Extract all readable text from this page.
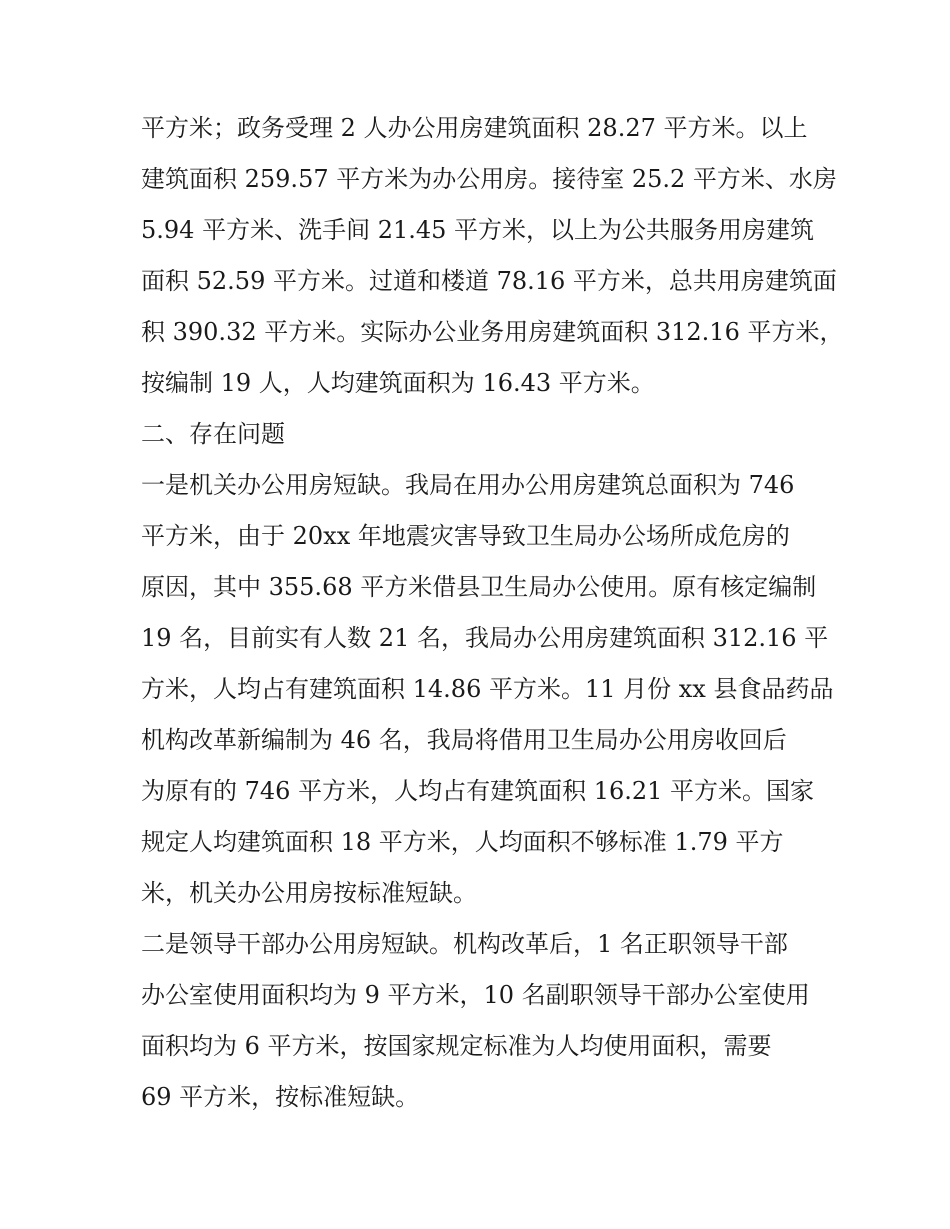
平方米；政务受理 2 人办公用房建筑面积 28.27 平方米。以上
建筑面积 259.57 平方米为办公用房。接待室 25.2 平方米、水房
5.94 平方米、洗手间 21.45 平方米，以上为公共服务用房建筑
面积 52.59 平方米。过道和楼道 78.16 平方米，总共用房建筑面
积 390.32 平方米。实际办公业务用房建筑面积 312.16 平方米，
按编制 19 人，人均建筑面积为 16.43 平方米。
二、存在问题
一是机关办公用房短缺。我局在用办公用房建筑总面积为 746
平方米，由于 20xx 年地震灾害导致卫生局办公场所成危房的
原因，其中 355.68 平方米借县卫生局办公使用。原有核定编制
19 名，目前实有人数 21 名，我局办公用房建筑面积 312.16 平
方米，人均占有建筑面积 14.86 平方米。11 月份 xx 县食品药品
机构改革新编制为 46 名，我局将借用卫生局办公用房收回后
为原有的 746 平方米，人均占有建筑面积 16.21 平方米。国家
规定人均建筑面积 18 平方米，人均面积不够标准 1.79 平方
米，机关办公用房按标准短缺。
二是领导干部办公用房短缺。机构改革后，1 名正职领导干部
办公室使用面积均为 9 平方米，10 名副职领导干部办公室使用
面积均为 6 平方米，按国家规定标准为人均使用面积，需要
69 平方米，按标准短缺。
